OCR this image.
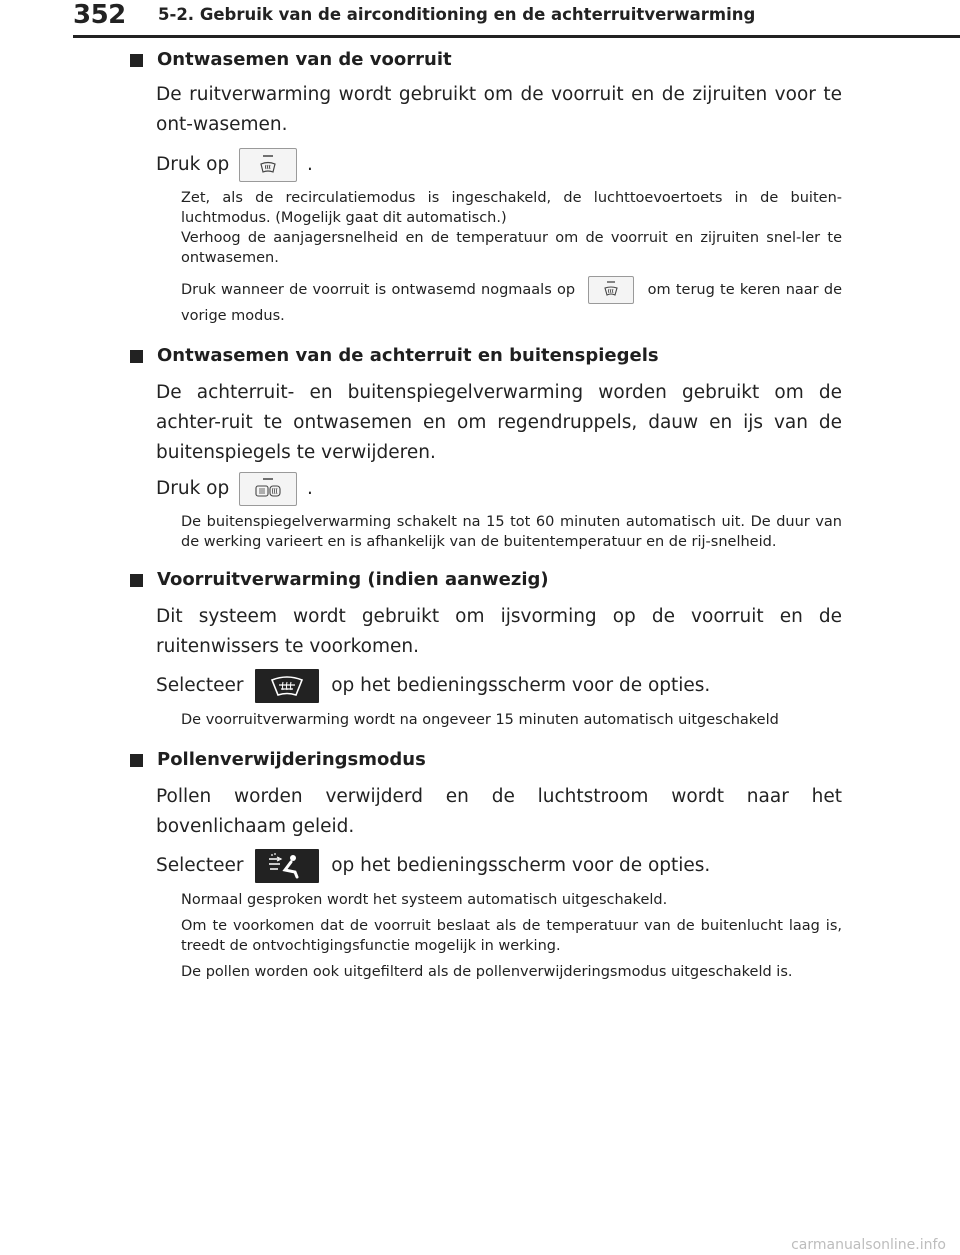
352 5-2. Gebruik van de airconditioning en de achterruitverwarming
Ontwasemen van de voorruit

De ruitverwarming wordt gebruikt om de voorruit en de zijruiten voor te ont-wasemen.

Druk op	.

Zet, als de recirculatiemodus is ingeschakeld, de luchttoevoertoets in de buiten-luchtmodus. (Mogelijk gaat dit automatisch.)

Verhoog de aanjagersnelheid en de temperatuur om de voorruit en zijruiten snel-ler te ontwasemen.

Druk wanneer de voorruit is ontwasemd nogmaals op	om terug te keren naar de vorige modus.

Ontwasemen van de achterruit en buitenspiegels

De achterruit- en buitenspiegelverwarming worden gebruikt om de achter-ruit te ontwasemen en om regendruppels, dauw en ijs van de buitenspiegels te verwijderen.

Druk op	.

De buitenspiegelverwarming schakelt na 15 tot 60 minuten automatisch uit. De duur van de werking varieert en is afhankelijk van de buitentemperatuur en de rij-snelheid.

Voorruitverwarming (indien aanwezig)

Dit systeem wordt gebruikt om ijsvorming op de voorruit en de ruitenwissers te voorkomen.

Selecteer	op het bedieningsscherm voor de opties.

De voorruitverwarming wordt na ongeveer 15 minuten automatisch uitgeschakeld

Pollenverwijderingsmodus

Pollen worden verwijderd en de luchtstroom wordt naar het bovenlichaam geleid.

Selecteer	op het bedieningsscherm voor de opties.

Normaal gesproken wordt het systeem automatisch uitgeschakeld.

Om te voorkomen dat de voorruit beslaat als de temperatuur van de buitenlucht laag is, treedt de ontvochtigingsfunctie mogelijk in werking.

De pollen worden ook uitgefilterd als de pollenverwijderingsmodus uitgeschakeld is.

carmanualsonline.info
